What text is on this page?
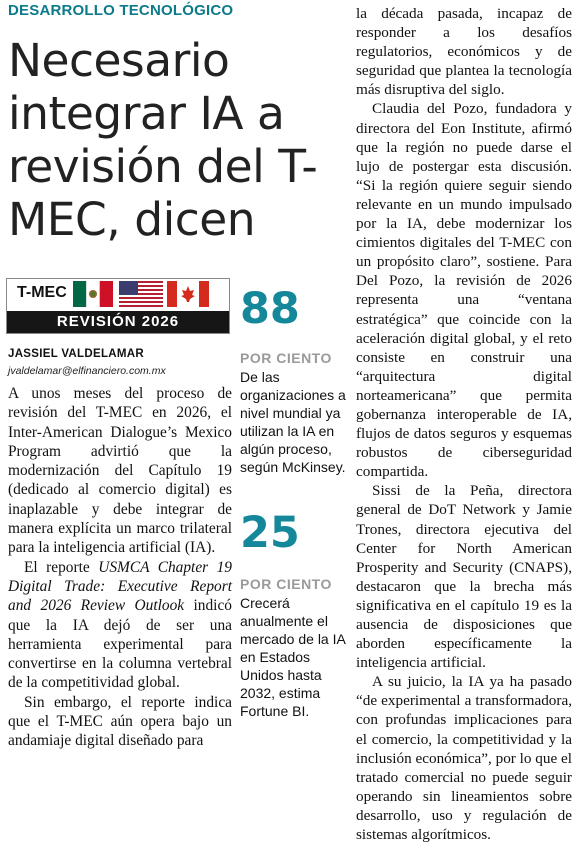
DESARROLLO TECNOLÓGICO
Necesario integrar IA a revisión del T-MEC, dicen
T-MEC
REVISIÓN 2026
JASSIEL VALDELAMAR
jvaldelamar@elfinanciero.com.mx

A unos meses del proceso de revisión del T-MEC en 2026, el Inter-American Dialogue’s Mexico Program advirtió que la modernización del Capítulo 19 (dedicado al comercio digital) es inaplazable y debe integrar de manera explícita un marco trilateral para la inteligencia artificial (IA).

El reporte USMCA Chapter 19 Digital Trade: Executive Report and 2026 Review Outlook indicó que la IA dejó de ser una herramienta experimental para convertirse en la columna vertebral de la competitividad global.

Sin embargo, el reporte indica que el T-MEC aún opera bajo un andamiaje digital diseñado para

88
POR CIENTO
De las organizaciones a nivel mundial ya utilizan la IA en algún proceso, según McKinsey.
25
POR CIENTO
Crecerá anualmente el mercado de la IA en Estados Unidos hasta 2032, estima Fortune BI.

la década pasada, incapaz de responder a los desafíos regulatorios, económicos y de seguridad que plantea la tecnología más disruptiva del siglo.

Claudia del Pozo, fundadora y directora del Eon Institute, afirmó que la región no puede darse el lujo de postergar esta discusión. “Si la región quiere seguir siendo relevante en un mundo impulsado por la IA, debe modernizar los cimientos digitales del T-MEC con un propósito claro”, sostiene. Para Del Pozo, la revisión de 2026 representa una “ventana estratégica” que coincide con la aceleración digital global, y el reto consiste en construir una “arquitectura digital norteamericana” que permita gobernanza interoperable de IA, flujos de datos seguros y esquemas robustos de ciberseguridad compartida.

Sissi de la Peña, directora general de DoT Network y Jamie Trones, directora ejecutiva del Center for North American Prosperity and Security (CNAPS), destacaron que la brecha más significativa en el capítulo 19 es la ausencia de disposiciones que aborden específicamente la inteligencia artificial.

A su juicio, la IA ya ha pasado “de experimental a transformadora, con profundas implicaciones para el comercio, la competitividad y la inclusión económica”, por lo que el tratado comercial no puede seguir operando sin lineamientos sobre desarrollo, uso y regulación de sistemas algorítmicos.
